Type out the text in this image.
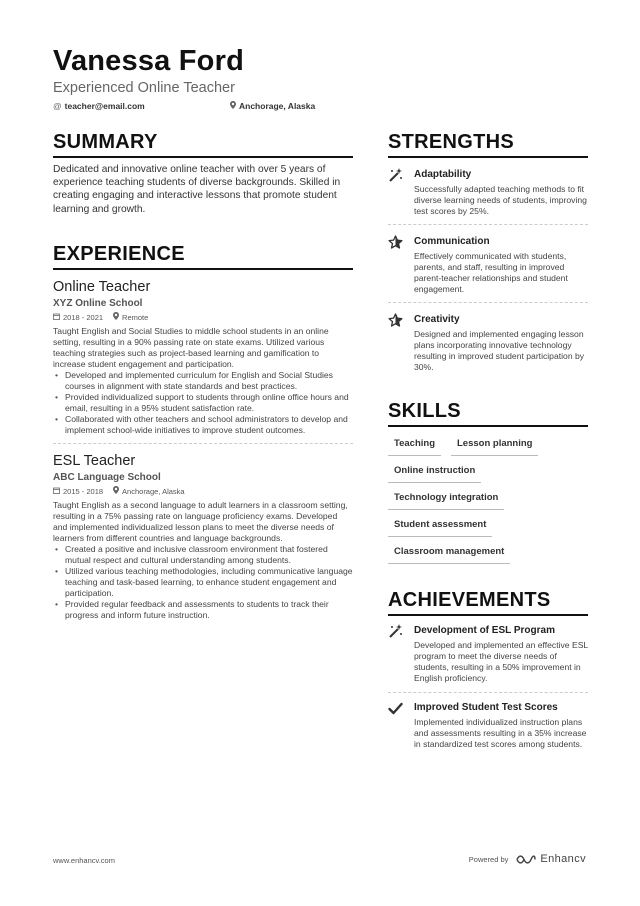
Vanessa Ford
Experienced Online Teacher
@ teacher@email.com	Anchorage, Alaska
SUMMARY
Dedicated and innovative online teacher with over 5 years of experience teaching students of diverse backgrounds. Skilled in creating engaging and interactive lessons that promote student learning and growth.
EXPERIENCE
Online Teacher
XYZ Online School
2018 - 2021	Remote
Taught English and Social Studies to middle school students in an online setting, resulting in a 90% passing rate on state exams. Utilized various teaching strategies such as project-based learning and gamification to increase student engagement and participation.
• Developed and implemented curriculum for English and Social Studies courses in alignment with state standards and best practices.
• Provided individualized support to students through online office hours and email, resulting in a 95% student satisfaction rate.
• Collaborated with other teachers and school administrators to develop and implement school-wide initiatives to improve student outcomes.
ESL Teacher
ABC Language School
2015 - 2018	Anchorage, Alaska
Taught English as a second language to adult learners in a classroom setting, resulting in a 75% passing rate on language proficiency exams. Developed and implemented individualized lesson plans to meet the diverse needs of learners from different countries and language backgrounds.
• Created a positive and inclusive classroom environment that fostered mutual respect and cultural understanding among students.
• Utilized various teaching methodologies, including communicative language teaching and task-based learning, to enhance student engagement and participation.
• Provided regular feedback and assessments to students to track their progress and inform future instruction.
STRENGTHS
Adaptability
Successfully adapted teaching methods to fit diverse learning needs of students, improving test scores by 25%.
Communication
Effectively communicated with students, parents, and staff, resulting in improved parent-teacher relationships and student engagement.
Creativity
Designed and implemented engaging lesson plans incorporating innovative technology resulting in improved student participation by 30%.
SKILLS
Teaching	Lesson planning
Online instruction
Technology integration
Student assessment
Classroom management
ACHIEVEMENTS
Development of ESL Program
Developed and implemented an effective ESL program to meet the diverse needs of students, resulting in a 50% improvement in English proficiency.
Improved Student Test Scores
Implemented individualized instruction plans and assessments resulting in a 35% increase in standardized test scores among students.
www.enhancv.com	Powered by	Enhancv
